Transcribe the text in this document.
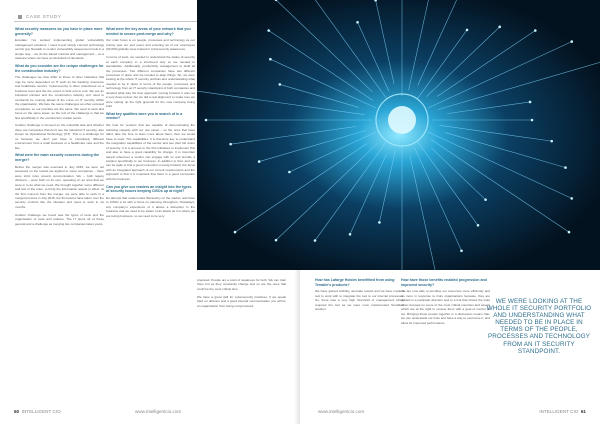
CASE STUDY
What security measures do you have in place more generally?

Ecoslate: I've worked implementing global vulnerability management solutions. I used to just simply connect technology centric guy firewalls to vendor vulnerability assessment tools in a simple way – we do the based controls and management – on a cadence where we have an abundant of demands.

What do you consider are the unique challenges for the construction industry?

The challenges we face differ to those of other industries that may be more dependent on IT such as the banking, insurance and healthcare sectors. Cybersecurity is often understood on a business level and the the extent is built end to end. We are an industrial mindset and the construction industry isn't used to constantly be running ahead of the curve on IT security within the organisation. We face the same challenges as other exposed companies, so our priorities are the same. We need to work and focus on the same areas, as the rest of the challenge is that we find specifically in the construction market sector.

Another challenge is focused on the industrial side and whether there are companies that don't see the industrial IT security, also known as Operational Technology (OT). This is a challenge for us because we don't just have to completely different environment from a retail business or a healthcare care and the like.

What were the main security concerns during the merger?

Before the merger was executed in July 2015, we were not assessed on the results we applied to some companies – there were strict rules around communication. We – both legacy divisions – were both on its own, operating on an area that we were in to do what we need. We brought together some different and lots of the rules, to bring the information assets in effect. At the first moment from the merger, we were able to work in a merged process in July 2015, the first teams have taken over the security controls like the situation and need to work in six months.

Another challenge we found was the types of tools and the organisation of tools and policies. The IT spent all of these general and a challenge as merging two companies takes years.

What were the key areas of your network that you needed to secure post-merge and why?

Our main focus is on people, processes and technology as our priority was our end users and ensuring all of our employees (90,000) globally were trained in cybersecurity awareness.

In terms of tools, we needed to understand the status of security at each company in a structured way so we needed to standardise. Additionally, productivity management to build all the processes. Two different companies have two different processes in place and we needed to align things. So, we were looking at the whole IT security portfolio and understanding what needed to be in place in terms of the people, processes and technology from an IT security standpoint of both companies and decided what was the best approach moving forward. It was not a very deep review, but we did a real alignment to make sure we were setting up the right grounds for the new company being built.

What key qualities were you in search of in a vendor?

We look for vendors that are capable of demonstrating the following capacity with our use cases – so the ones that have didn't take the time to learn more about them, then we would have to work. The capabilities. It is therefore key to understand the integration capabilities of the vendor and see their full vision of security. It is a process in the first initiatives to implement this and also to have a good capability for change. It is important aspect whenever a vendor can engage with us and provide a solution specifically to our business. In addition to that, and we can be agile to find a good connection moving forward, the focus with an integrated approach of our current requirements and the approach is that it is important that there is a good connection with the business.

Can you give our readers an insight into the types of security issues keeping CISOs up at night?

Do attempt that modern take WannaCry on the market, and have to CISOs a lot with a focus on planning throughout. Nowadays, any company's experience of it allows a disruption in the business and we need to be aware of an attack as it is where we are losing business, so we need to be very

60 INTELLIGENT CIO	www.intelligentcio.com
How has Lafarge Holcim benefitted from using Tenable's products?

We have gained visibility, accurate results and we have made a tool to work with to integrate the tool to our internal processes. So, there was a very high threshold of management which required the tool as we were once implemented Tenable's solution.

How have those benefits enabled progression and improved security?

We are now able to prioritise our resources more efficiently and do more in response to risks organisations because, they are guided in a particular direction and to a risk that shows the risks when focused on some of the most critical countries and assets which are at the right to receive them with a goal of control all set. Bringing those people together in a discussion means that, we can understand our risks and have a way to overcome it, and allow for improved performance.

WE WERE LOOKING AT THE WHOLE IT SECURITY PORTFOLIO AND UNDERSTANDING WHAT NEEDED TO BE IN PLACE IN TERMS OF THE PEOPLE, PROCESSES AND TECHNOLOGY FROM AN IT SECURITY STANDPOINT.
www.intelligentcio.com	INTELLIGENT CIO 61

prepared. People are a point of weakness for both. We can train them but as they constantly change and so are the ones that could be the most critical time.

We have a great skill for cybersecurity practices, if we speak hard on defence and a good internal communication you will be an organisation from being compromised.
